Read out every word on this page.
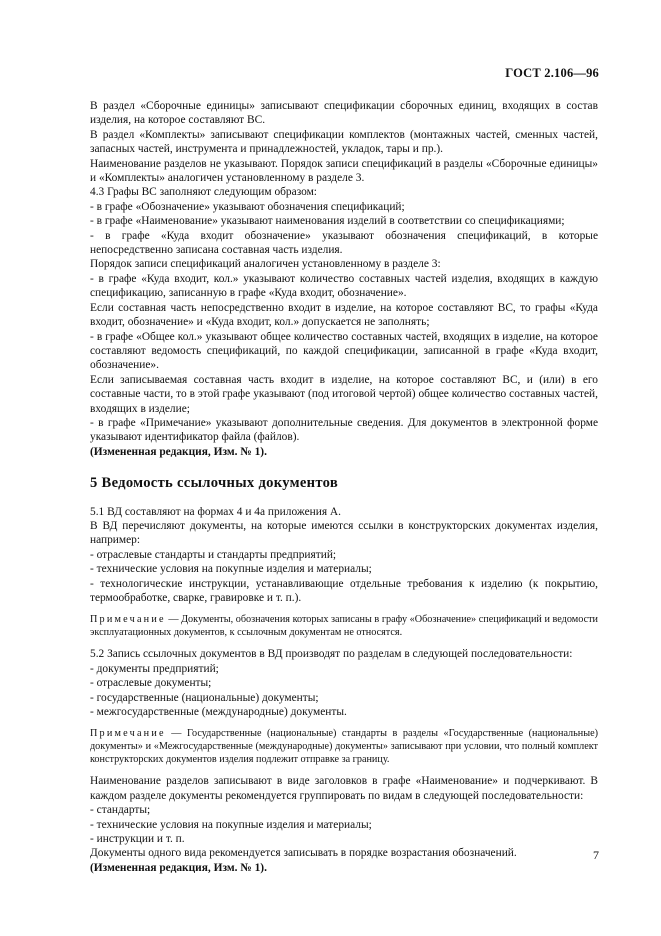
ГОСТ 2.106—96

В раздел «Сборочные единицы» записывают спецификации сборочных единиц, входящих в состав изделия, на которое составляют ВС.

В раздел «Комплекты» записывают спецификации комплектов (монтажных частей, сменных частей, запасных частей, инструмента и принадлежностей, укладок, тары и пр.).

Наименование разделов не указывают. Порядок записи спецификаций в разделы «Сборочные единицы» и «Комплекты» аналогичен установленному в разделе 3.

4.3 Графы ВС заполняют следующим образом:

- в графе «Обозначение» указывают обозначения спецификаций;

- в графе «Наименование» указывают наименования изделий в соответствии со спецификациями;

- в графе «Куда входит обозначение» указывают обозначения спецификаций, в которые непосредственно записана составная часть изделия.

Порядок записи спецификаций аналогичен установленному в разделе 3:

- в графе «Куда входит, кол.» указывают количество составных частей изделия, входящих в каждую спецификацию, записанную в графе «Куда входит, обозначение».

Если составная часть непосредственно входит в изделие, на которое составляют ВС, то графы «Куда входит, обозначение» и «Куда входит, кол.» допускается не заполнять;

- в графе «Общее кол.» указывают общее количество составных частей, входящих в изделие, на которое составляют ведомость спецификаций, по каждой спецификации, записанной в графе «Куда входит, обозначение».

Если записываемая составная часть входит в изделие, на которое составляют ВС, и (или) в его составные части, то в этой графе указывают (под итоговой чертой) общее количество составных частей, входящих в изделие;

- в графе «Примечание» указывают дополнительные сведения. Для документов в электронной форме указывают идентификатор файла (файлов).

(Измененная редакция, Изм. № 1).

5 Ведомость ссылочных документов

5.1 ВД составляют на формах 4 и 4а приложения А.

В ВД перечисляют документы, на которые имеются ссылки в конструкторских документах изделия, например:

- отраслевые стандарты и стандарты предприятий;

- технические условия на покупные изделия и материалы;

- технологические инструкции, устанавливающие отдельные требования к изделию (к покрытию, термообработке, сварке, гравировке и т. п.).

Примечание — Документы, обозначения которых записаны в графу «Обозначение» спецификаций и ведомости эксплуатационных документов, к ссылочным документам не относятся.

5.2 Запись ссылочных документов в ВД производят по разделам в следующей последовательности:

- документы предприятий;

- отраслевые документы;

- государственные (национальные) документы;

- межгосударственные (международные) документы.

Примечание — Государственные (национальные) стандарты в разделы «Государственные (национальные) документы» и «Межгосударственные (международные) документы» записывают при условии, что полный комплект конструкторских документов изделия подлежит отправке за границу.

Наименование разделов записывают в виде заголовков в графе «Наименование» и подчеркивают. В каждом разделе документы рекомендуется группировать по видам в следующей последовательности:

- стандарты;

- технические условия на покупные изделия и материалы;

- инструкции и т. п.

Документы одного вида рекомендуется записывать в порядке возрастания обозначений.

(Измененная редакция, Изм. № 1).

7
